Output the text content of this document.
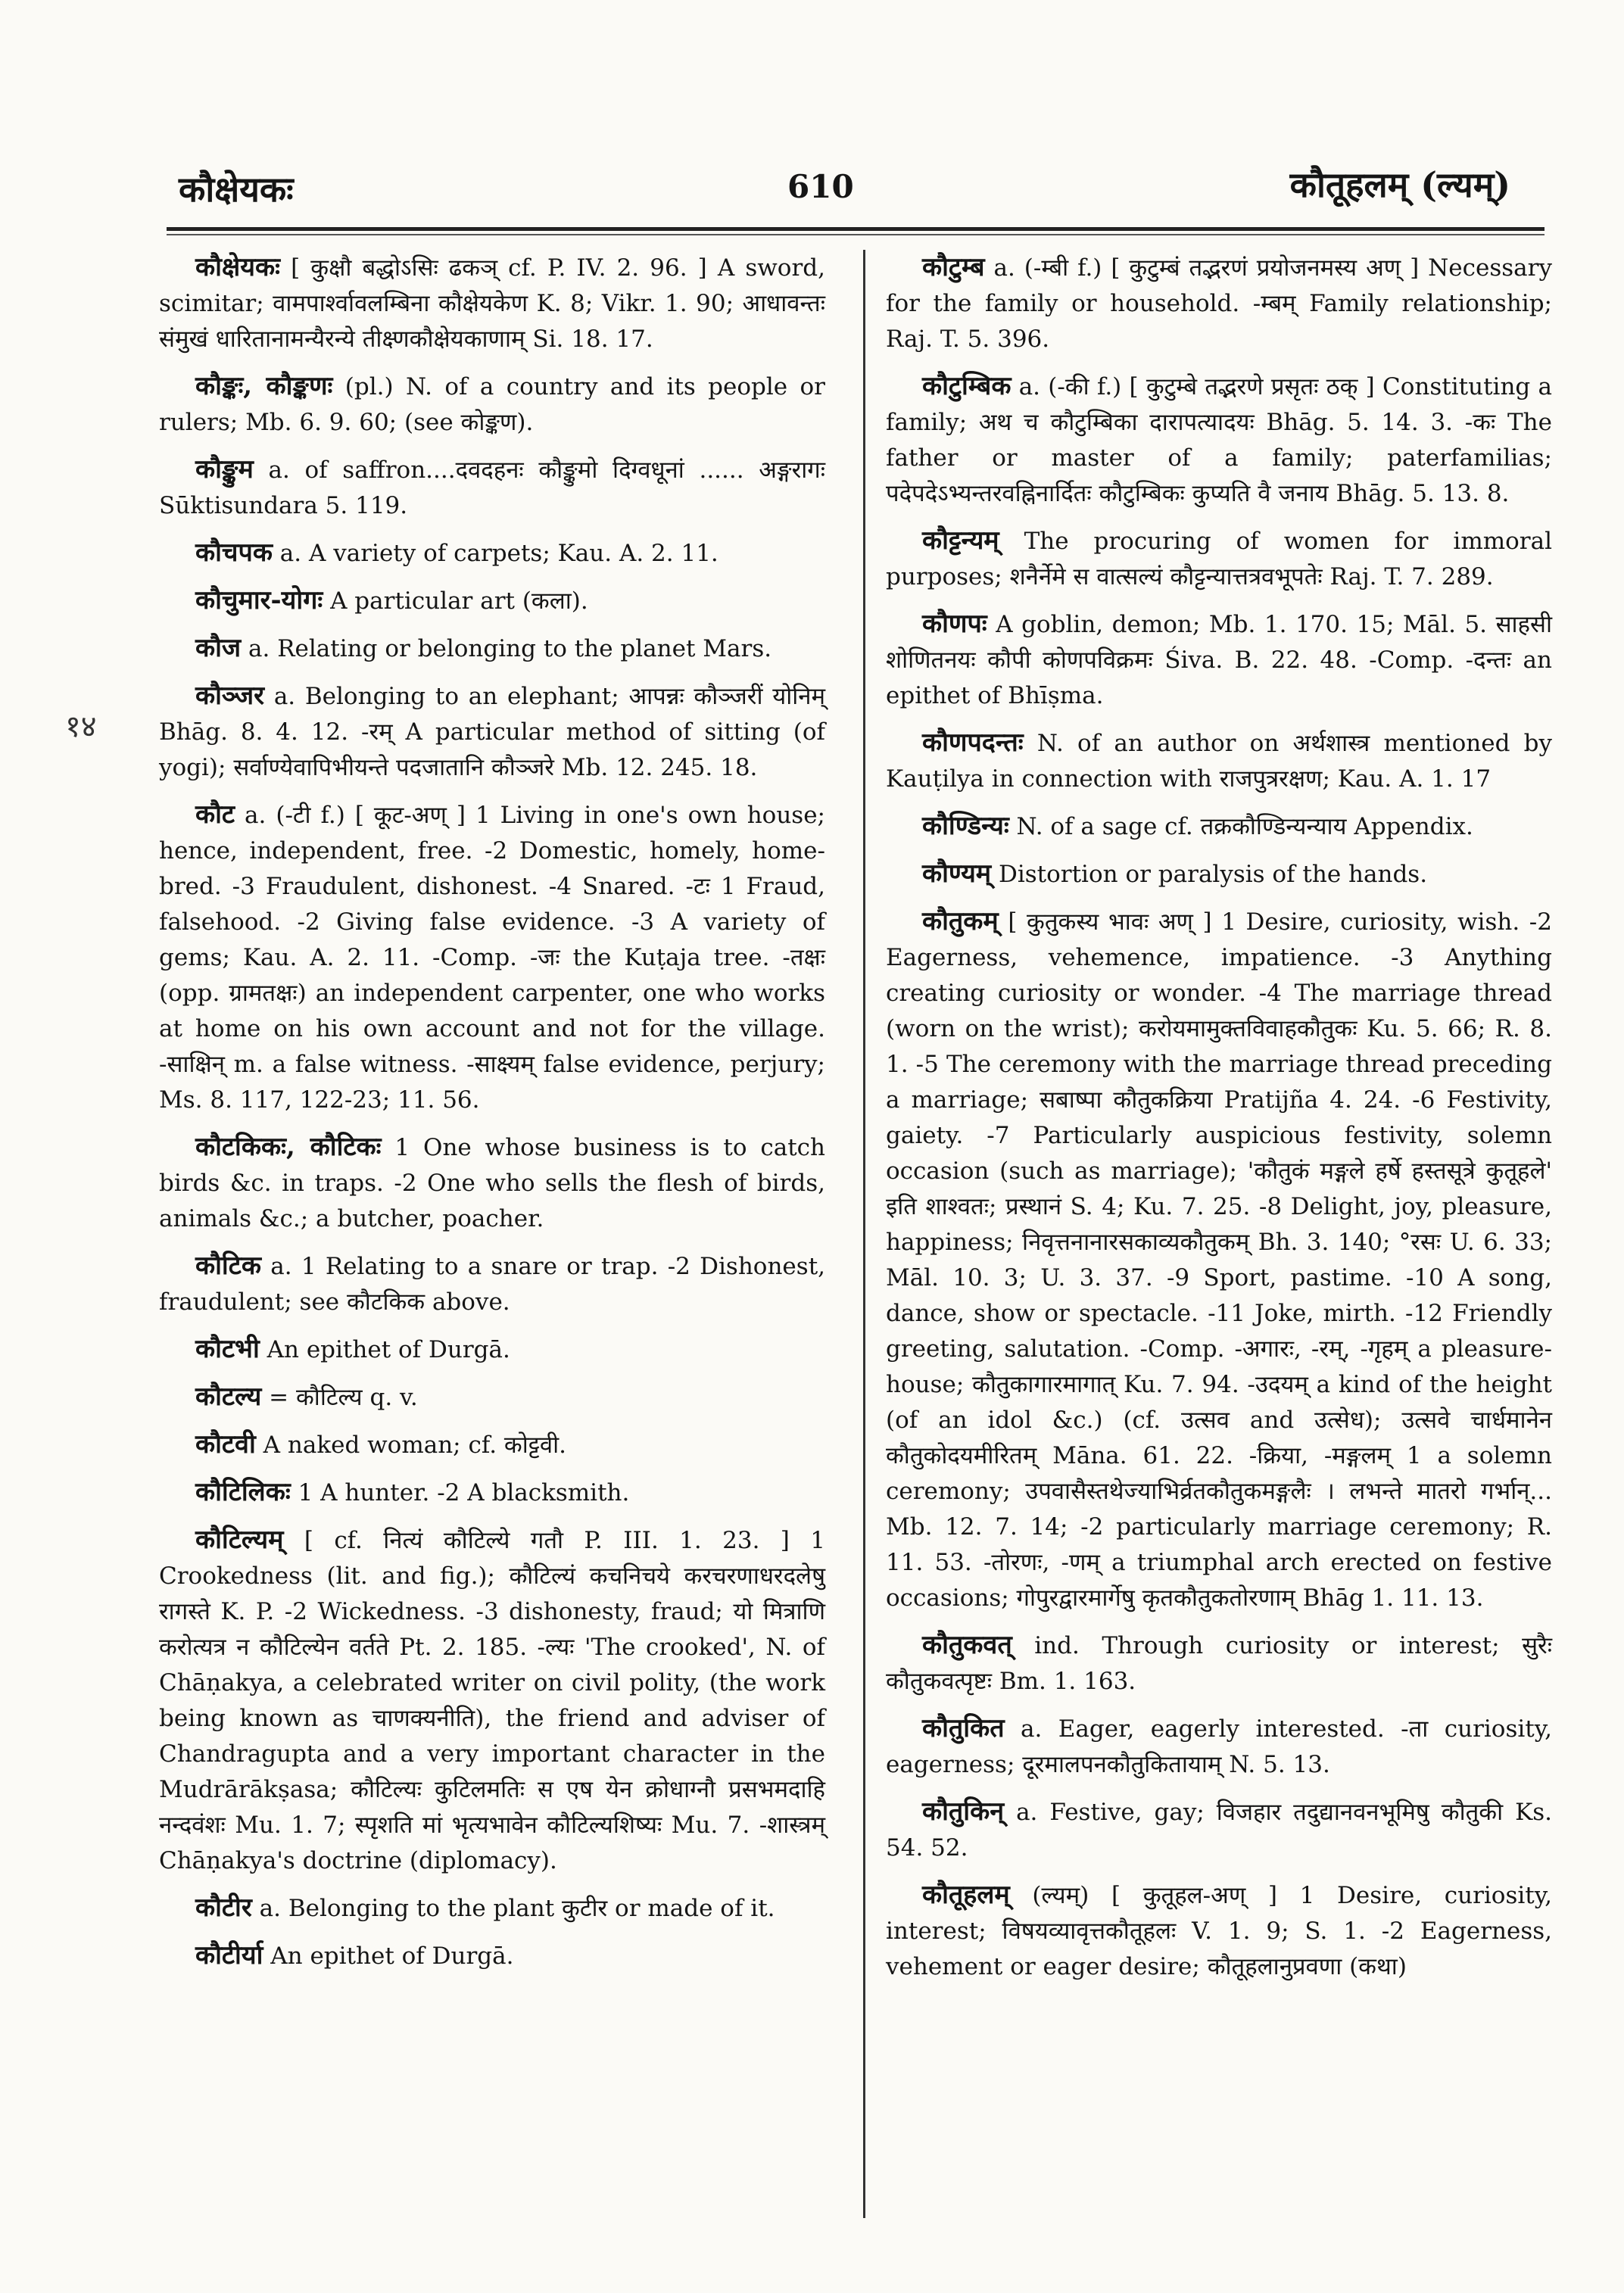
कौक्षेयकः	610	कौतूहलम् (ल्यम्)
१४

कौक्षेयकः [ कुक्षौ बद्धोऽसिः ढकञ् cf. P. IV. 2. 96. ] A sword, scimitar; वामपार्श्वावलम्बिना कौक्षेयकेण K. 8; Vikr. 1. 90; आधावन्तः संमुखं धारितानामन्यैरन्ये तीक्ष्णकौक्षेयकाणाम् Si. 18. 17.

कौङ्कः, कौङ्कणः (pl.) N. of a country and its people or rulers; Mb. 6. 9. 60; (see कोङ्कण).

कौङ्कुम a. of saffron....दवदहनः कौङ्कुमो दिग्वधूनां ...... अङ्गरागः Sūktisundara 5. 119.

कौचपक a. A variety of carpets; Kau. A. 2. 11.

कौचुमार-योगः A particular art (कला).

कौज a. Relating or belonging to the planet Mars.

कौञ्जर a. Belonging to an elephant; आपन्नः कौञ्जरीं योनिम् Bhāg. 8. 4. 12. -रम् A particular method of sitting (of yogi); सर्वाण्येवापिभीयन्ते पदजातानि कौञ्जरे Mb. 12. 245. 18.

कौट a. (-टी f.) [ कूट-अण् ] 1 Living in one's own house; hence, independent, free. -2 Domestic, homely, home-bred. -3 Fraudulent, dishonest. -4 Snared. -टः 1 Fraud, falsehood. -2 Giving false evidence. -3 A variety of gems; Kau. A. 2. 11. -Comp. -जः the Kuṭaja tree. -तक्षः (opp. ग्रामतक्षः) an independent carpenter, one who works at home on his own account and not for the village. -साक्षिन् m. a false witness. -साक्ष्यम् false evidence, perjury; Ms. 8. 117, 122-23; 11. 56.

कौटकिकः, कौटिकः 1 One whose business is to catch birds &c. in traps. -2 One who sells the flesh of birds, animals &c.; a butcher, poacher.

कौटिक a. 1 Relating to a snare or trap. -2 Dishonest, fraudulent; see कौटकिक above.

कौटभी An epithet of Durgā.

कौटल्य = कौटिल्य q. v.

कौटवी A naked woman; cf. कोट्टवी.

कौटिलिकः 1 A hunter. -2 A blacksmith.

कौटिल्यम् [ cf. नित्यं कौटिल्ये गतौ P. III. 1. 23. ] 1 Crookedness (lit. and fig.); कौटिल्यं कचनिचये करचरणाधरदलेषु रागस्ते K. P. -2 Wickedness. -3 dishonesty, fraud; यो मित्राणि करोत्यत्र न कौटिल्येन वर्तते Pt. 2. 185. -ल्यः 'The crooked', N. of Chāṇakya, a celebrated writer on civil polity, (the work being known as चाणक्यनीति), the friend and adviser of Chandragupta and a very important character in the Mudrārākṣasa; कौटिल्यः कुटिलमतिः स एष येन क्रोधाग्नौ प्रसभमदाहि नन्दवंशः Mu. 1. 7; स्पृशति मां भृत्यभावेन कौटिल्यशिष्यः Mu. 7. -शास्त्रम् Chāṇakya's doctrine (diplomacy).

कौटीर a. Belonging to the plant कुटीर or made of it.

कौटीर्या An epithet of Durgā.

कौटुम्ब a. (-म्बी f.) [ कुटुम्बं तद्भरणं प्रयोजनमस्य अण् ] Necessary for the family or household. -म्बम् Family relationship; Raj. T. 5. 396.

कौटुम्बिक a. (-की f.) [ कुटुम्बे तद्भरणे प्रसृतः ठक् ] Constituting a family; अथ च कौटुम्बिका दारापत्यादयः Bhāg. 5. 14. 3. -कः The father or master of a family; paterfamilias; पदेपदेऽभ्यन्तरवह्निनार्दितः कौटुम्बिकः कुप्यति वै जनाय Bhāg. 5. 13. 8.

कौट्टन्यम् The procuring of women for immoral purposes; शनैर्नेमे स वात्सल्यं कौट्टन्यात्तत्रवभूपतेः Raj. T. 7. 289.

कौणपः A goblin, demon; Mb. 1. 170. 15; Māl. 5. साहसी शोणितनयः कौपी कोणपविक्रमः Śiva. B. 22. 48. -Comp. -दन्तः an epithet of Bhīṣma.

कौणपदन्तः N. of an author on अर्थशास्त्र mentioned by Kauṭilya in connection with राजपुत्ररक्षण; Kau. A. 1. 17

कौण्डिन्यः N. of a sage cf. तक्रकौण्डिन्यन्याय Appendix.

कौण्यम् Distortion or paralysis of the hands.

कौतुकम् [ कुतुकस्य भावः अण् ] 1 Desire, curiosity, wish. -2 Eagerness, vehemence, impatience. -3 Anything creating curiosity or wonder. -4 The marriage thread (worn on the wrist); करोयमामुक्तविवाहकौतुकः Ku. 5. 66; R. 8. 1. -5 The ceremony with the marriage thread preceding a marriage; सबाष्पा कौतुकक्रिया Pratijña 4. 24. -6 Festivity, gaiety. -7 Particularly auspicious festivity, solemn occasion (such as marriage); 'कौतुकं मङ्गले हर्षे हस्तसूत्रे कुतूहले' इति शाश्वतः; प्रस्थानं S. 4; Ku. 7. 25. -8 Delight, joy, pleasure, happiness; निवृत्तनानारसकाव्यकौतुकम् Bh. 3. 140; °रसः U. 6. 33; Māl. 10. 3; U. 3. 37. -9 Sport, pastime. -10 A song, dance, show or spectacle. -11 Joke, mirth. -12 Friendly greeting, salutation. -Comp. -अगारः, -रम्, -गृहम् a pleasure-house; कौतुकागारमागात् Ku. 7. 94. -उदयम् a kind of the height (of an idol &c.) (cf. उत्सव and उत्सेध); उत्सवे चार्धमानेन कौतुकोदयमीरितम् Māna. 61. 22. -क्रिया, -मङ्गलम् 1 a solemn ceremony; उपवासैस्तथेज्याभिर्व्रतकौतुकमङ्गलैः । लभन्ते मातरो गर्भान्... Mb. 12. 7. 14; -2 particularly marriage ceremony; R. 11. 53. -तोरणः, -णम् a triumphal arch erected on festive occasions; गोपुरद्वारमार्गेषु कृतकौतुकतोरणाम् Bhāg 1. 11. 13.

कौतुकवत् ind. Through curiosity or interest; सुरैः कौतुकवत्पृष्टः Bm. 1. 163.

कौतुकित a. Eager, eagerly interested. -ता curiosity, eagerness; दूरमालपनकौतुकितायाम् N. 5. 13.

कौतुकिन् a. Festive, gay; विजहार तदुद्यानवनभूमिषु कौतुकी Ks. 54. 52.

कौतूहलम् (ल्यम्) [ कुतूहल-अण् ] 1 Desire, curiosity, interest; विषयव्यावृत्तकौतूहलः V. 1. 9; S. 1. -2 Eagerness, vehement or eager desire; कौतूहलानुप्रवणा (कथा)
